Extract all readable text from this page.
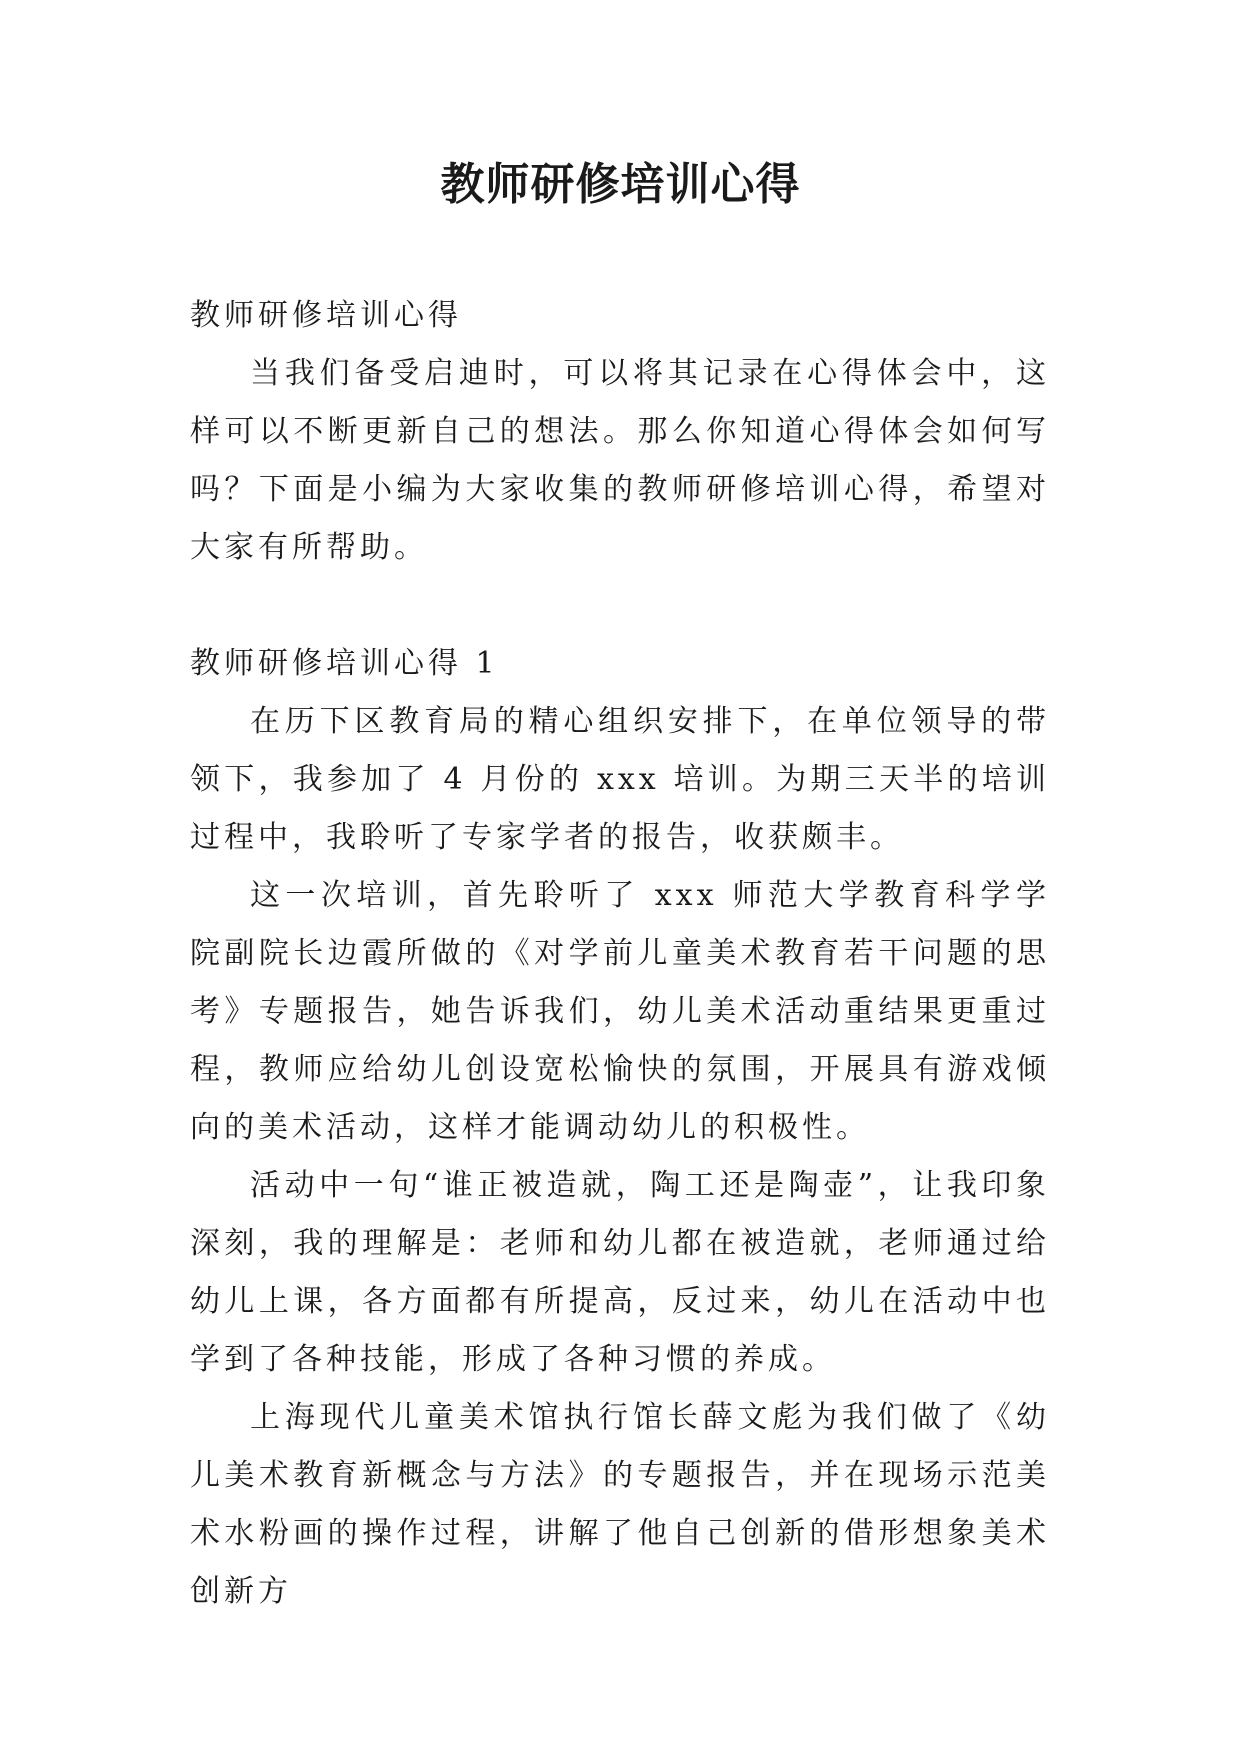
教师研修培训心得

教师研修培训心得

当我们备受启迪时，可以将其记录在心得体会中，这样可以不断更新自己的想法。那么你知道心得体会如何写吗？下面是小编为大家收集的教师研修培训心得，希望对大家有所帮助。

教师研修培训心得 1

在历下区教育局的精心组织安排下，在单位领导的带领下，我参加了 4 月份的 xxx 培训。为期三天半的培训过程中，我聆听了专家学者的报告，收获颇丰。

这一次培训，首先聆听了 xxx 师范大学教育科学学院副院长边霞所做的《对学前儿童美术教育若干问题的思考》专题报告，她告诉我们，幼儿美术活动重结果更重过程，教师应给幼儿创设宽松愉快的氛围，开展具有游戏倾向的美术活动，这样才能调动幼儿的积极性。

活动中一句“谁正被造就，陶工还是陶壶”，让我印象深刻，我的理解是：老师和幼儿都在被造就，老师通过给幼儿上课，各方面都有所提高，反过来，幼儿在活动中也学到了各种技能，形成了各种习惯的养成。

上海现代儿童美术馆执行馆长薛文彪为我们做了《幼儿美术教育新概念与方法》的专题报告，并在现场示范美术水粉画的操作过程，讲解了他自己创新的借形想象美术创新方
